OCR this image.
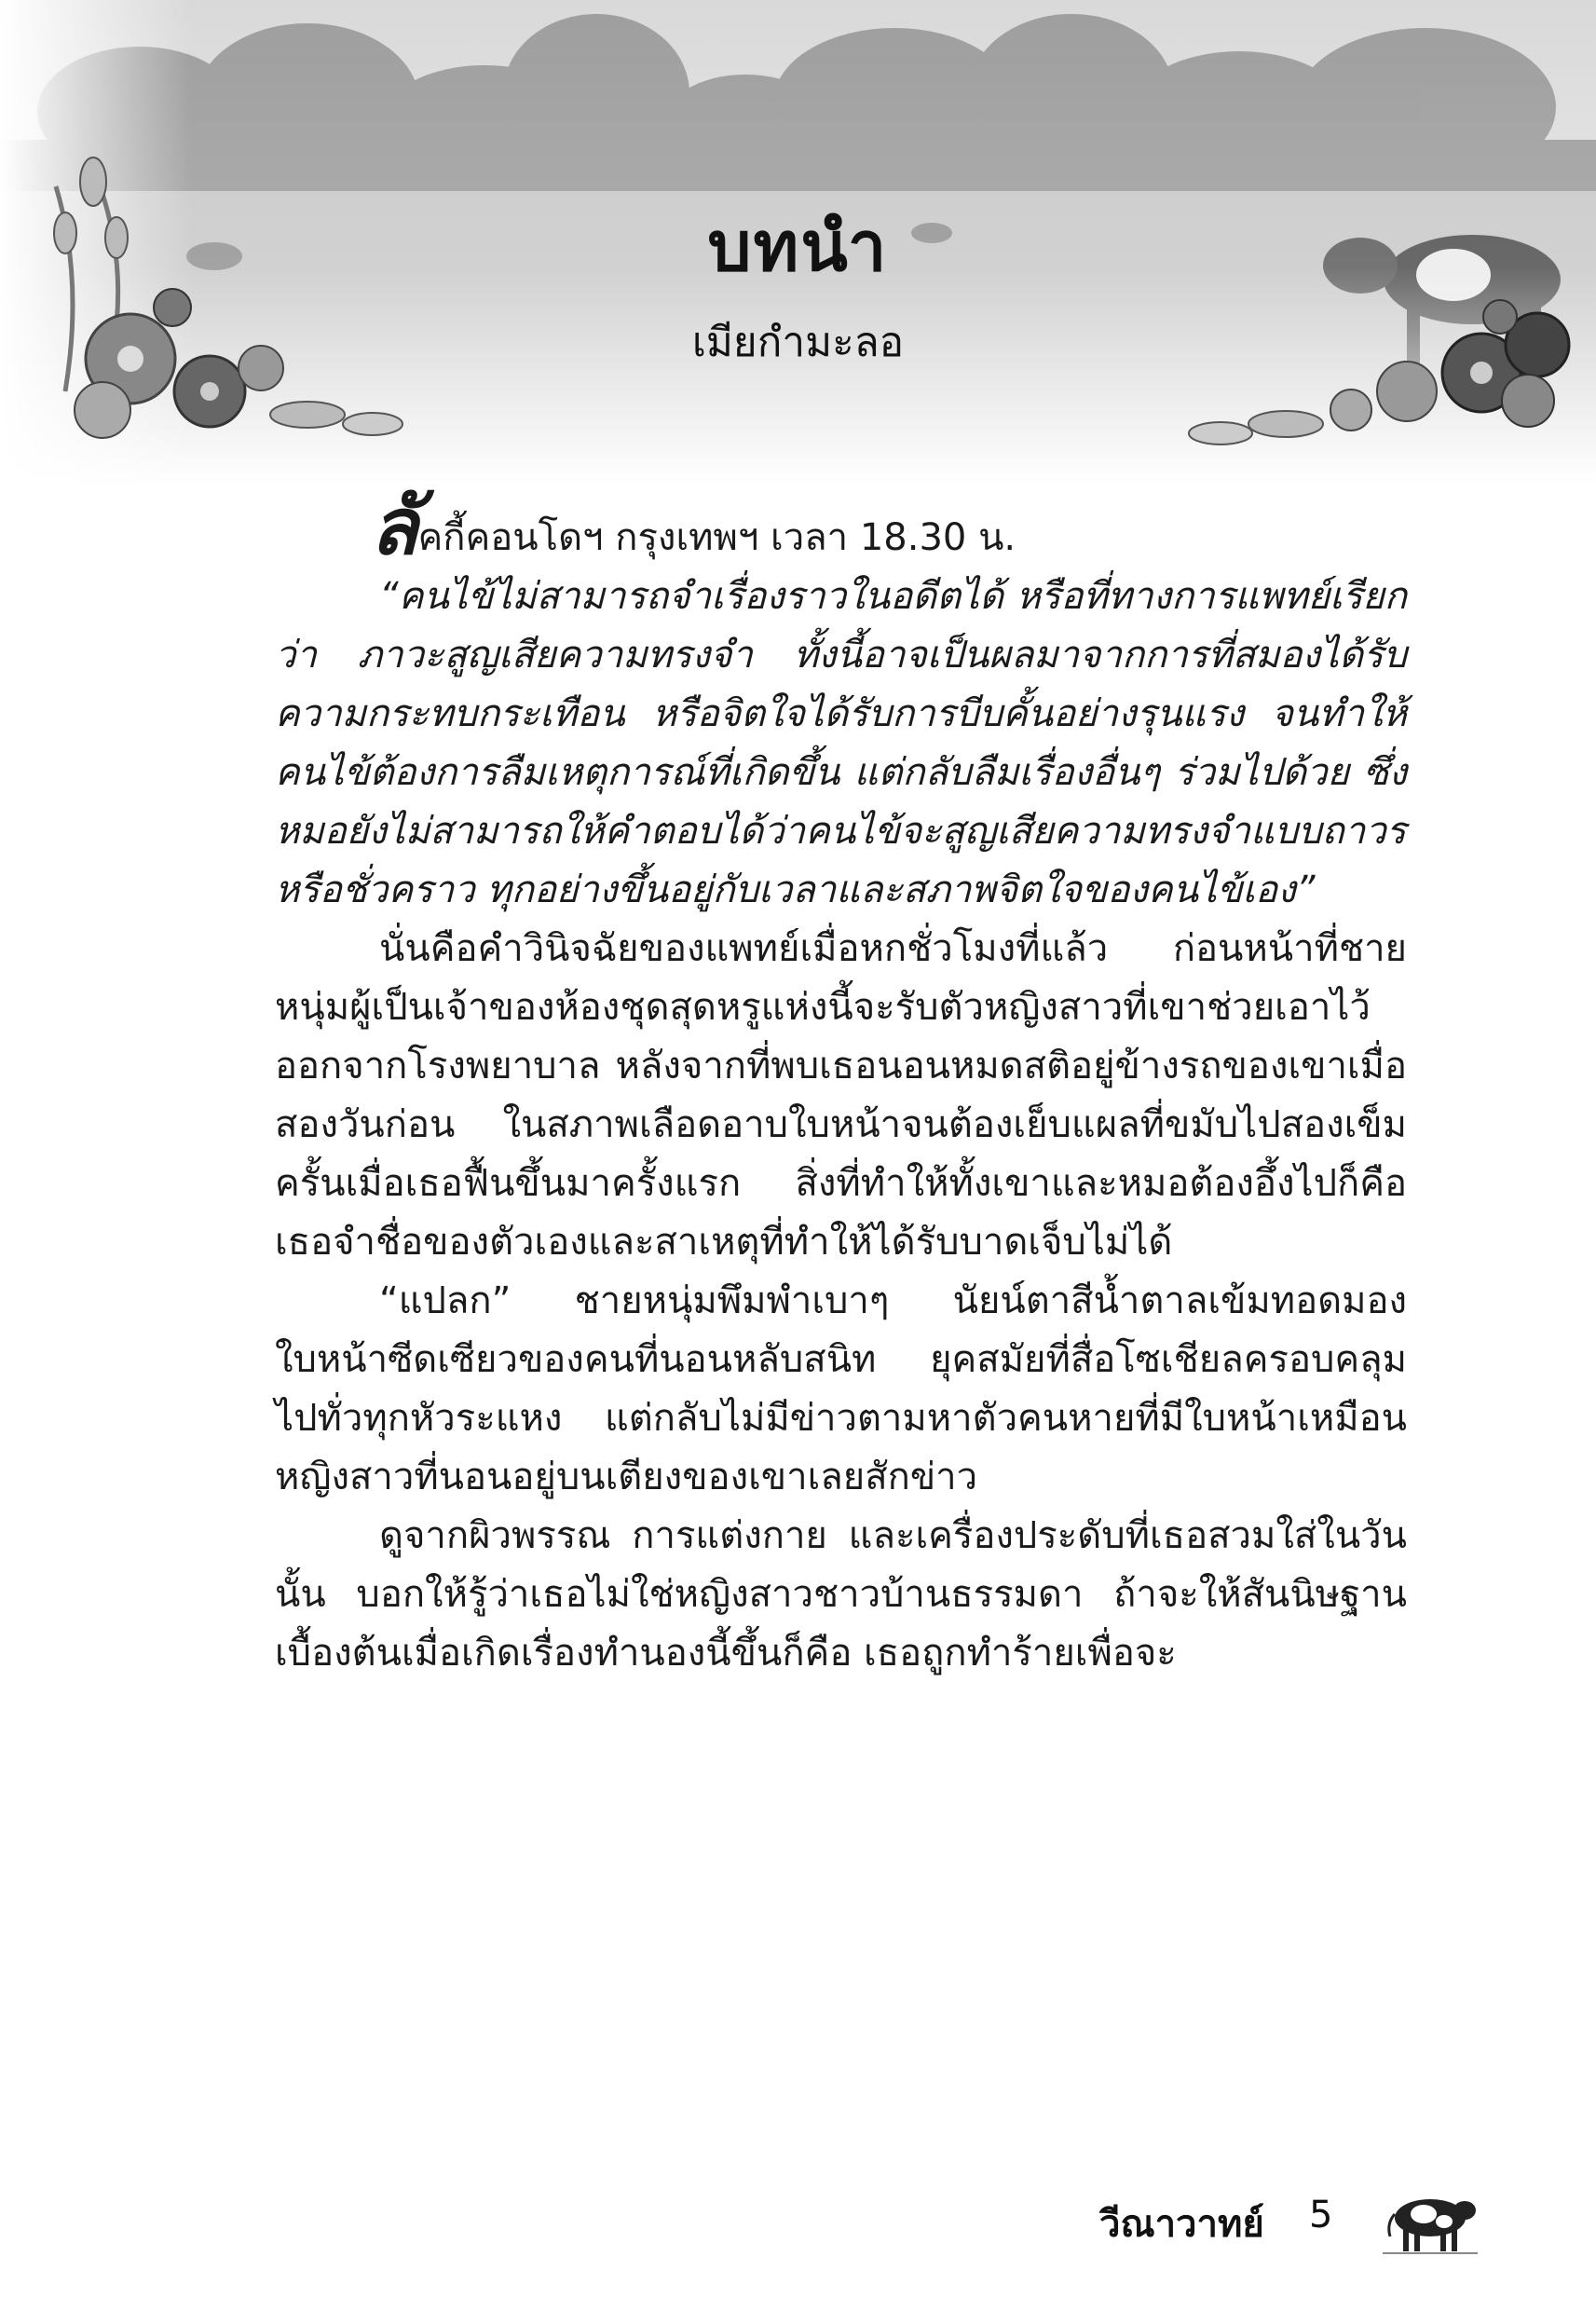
บทนำ
เมียกำมะลอ

ลัคกี้คอนโดฯ กรุงเทพฯ เวลา 18.30 น.

“คนไข้ไม่สามารถจำเรื่องราวในอดีตได้ หรือที่ทางการแพทย์เรียกว่า ภาวะสูญเสียความทรงจำ ทั้งนี้อาจเป็นผลมาจากการที่สมองได้รับความกระทบกระเทือน หรือจิตใจได้รับการบีบคั้นอย่างรุนแรง จนทำให้คนไข้ต้องการลืมเหตุการณ์ที่เกิดขึ้น แต่กลับลืมเรื่องอื่นๆ ร่วมไปด้วย ซึ่งหมอยังไม่สามารถให้คำตอบได้ว่าคนไข้จะสูญเสียความทรงจำแบบถาวรหรือชั่วคราว ทุกอย่างขึ้นอยู่กับเวลาและสภาพจิตใจของคนไข้เอง”

นั่นคือคำวินิจฉัยของแพทย์เมื่อหกชั่วโมงที่แล้ว ก่อนหน้าที่ชายหนุ่มผู้เป็นเจ้าของห้องชุดสุดหรูแห่งนี้จะรับตัวหญิงสาวที่เขาช่วยเอาไว้ออกจากโรงพยาบาล หลังจากที่พบเธอนอนหมดสติอยู่ข้างรถของเขาเมื่อสองวันก่อน ในสภาพเลือดอาบใบหน้าจนต้องเย็บแผลที่ขมับไปสองเข็ม ครั้นเมื่อเธอฟื้นขึ้นมาครั้งแรก สิ่งที่ทำให้ทั้งเขาและหมอต้องอึ้งไปก็คือ เธอจำชื่อของตัวเองและสาเหตุที่ทำให้ได้รับบาดเจ็บไม่ได้

“แปลก” ชายหนุ่มพึมพำเบาๆ นัยน์ตาสีน้ำตาลเข้มทอดมองใบหน้าซีดเซียวของคนที่นอนหลับสนิท ยุคสมัยที่สื่อโซเชียลครอบคลุมไปทั่วทุกหัวระแหง แต่กลับไม่มีข่าวตามหาตัวคนหายที่มีใบหน้าเหมือนหญิงสาวที่นอนอยู่บนเตียงของเขาเลยสักข่าว

ดูจากผิวพรรณ การแต่งกาย และเครื่องประดับที่เธอสวมใส่ในวันนั้น บอกให้รู้ว่าเธอไม่ใช่หญิงสาวชาวบ้านธรรมดา ถ้าจะให้สันนิษฐานเบื้องต้นเมื่อเกิดเรื่องทำนองนี้ขึ้นก็คือ เธอถูกทำร้ายเพื่อจะ

วีณาวาทย์ 5
